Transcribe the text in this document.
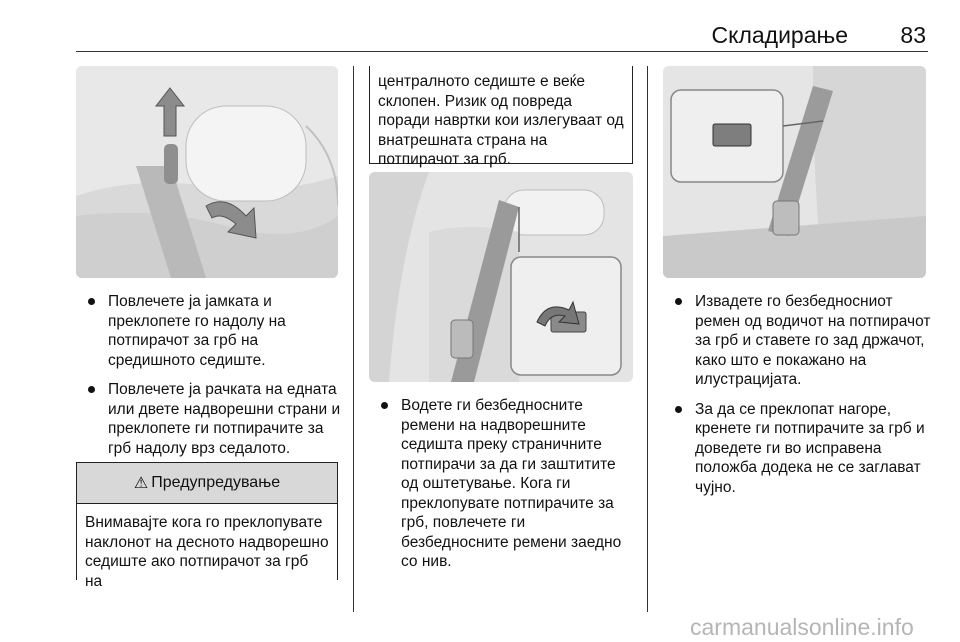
Складирање	83
Повлечете ја јамката и преклопете го надолу на потпирачот за грб на средишното седиште.
Повлечете ја рачката на едната или двете надворешни страни и преклопете ги потпирачите за грб надолу врз седалото.
⚠ Предупредување
Внимавајте кога го преклопувате наклонот на десното надворешно седиште ако потпирачот за грб на
централното седиште е веќе склопен. Ризик од повреда поради навртки кои излегуваат од внатрешната страна на потпирачот за грб.
Водете ги безбедносните ремени на надворешните седишта преку страничните потпирачи за да ги заштитите од оштетување. Кога ги преклопувате потпирачите за грб, повлечете ги безбедносните ремени заедно со нив.
Извадете го безбедносниот ремен од водичот на потпирачот за грб и ставете го зад држачот, како што е покажано на илустрацијата.
За да се преклопат нагоре, кренете ги потпирачите за грб и доведете ги во исправена положба додека не се заглават чујно.
carmanualsonline.info
